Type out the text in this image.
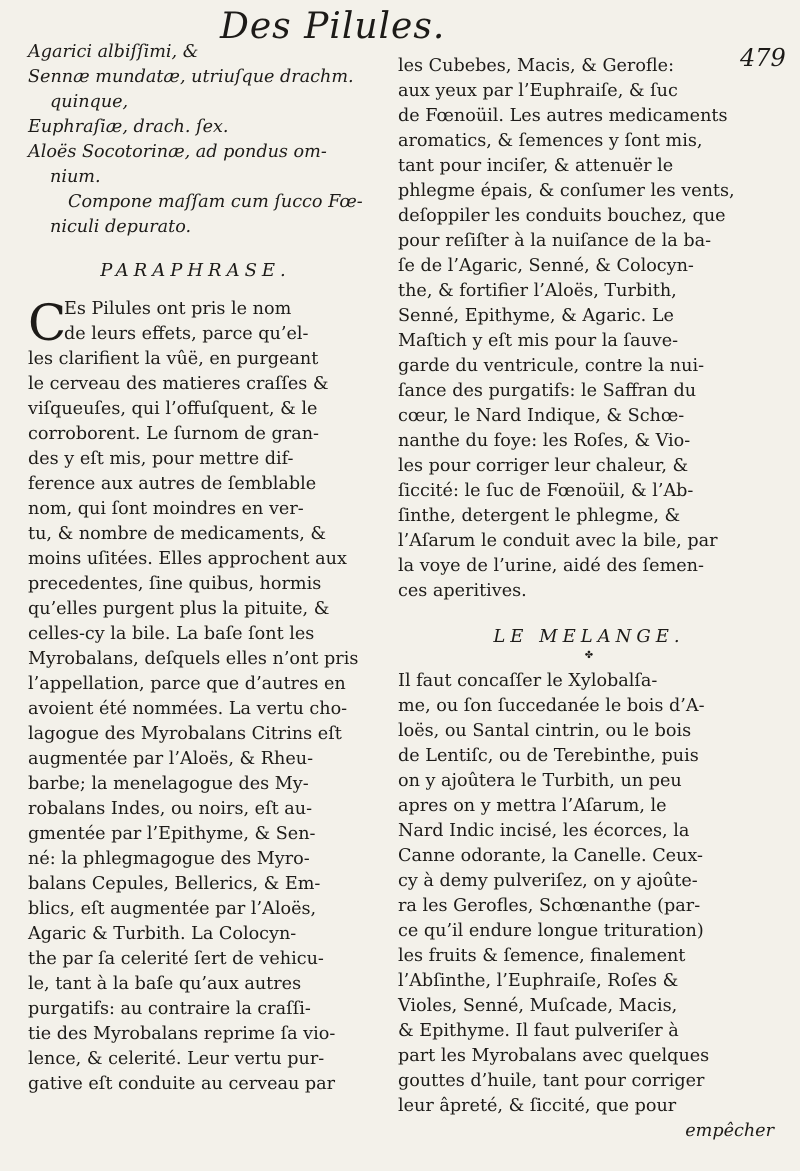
Des Pilules.
479
Agarici albiſſimi, &
Sennæ mundatæ, utriuſque drachm.
quinque,
Euphraſiæ, drach. ſex.
Aloës Socotorinæ, ad pondus om-
nium.
Compone maſſam cum ſucco Fœ-
niculi depurato.
PARAPHRASE.
C
Es Pilules ont pris le nom
de leurs effets, parce qu’el-
les clarifient la vûë, en purgeant
le cerveau des matieres craſſes &
viſqueuſes, qui l’offuſquent, & le
corroborent. Le ſurnom de gran-
des y eſt mis, pour mettre dif-
ference aux autres de ſemblable
nom, qui ſont moindres en ver-
tu, & nombre de medicaments, &
moins uſitées. Elles approchent aux
precedentes, ſine quibus, hormis
qu’elles purgent plus la pituite, &
celles-cy la bile. La baſe ſont les
Myrobalans, deſquels elles n’ont pris
l’appellation, parce que d’autres en
avoient été nommées. La vertu cho-
lagogue des Myrobalans Citrins eſt
augmentée par l’Aloës, & Rheu-
barbe; la menelagogue des My-
robalans Indes, ou noirs, eſt au-
gmentée par l’Epithyme, & Sen-
né: la phlegmagogue des Myro-
balans Cepules, Bellerics, & Em-
blics, eſt augmentée par l’Aloës,
Agaric & Turbith. La Colocyn-
the par ſa celerité ſert de vehicu-
le, tant à la baſe qu’aux autres
purgatifs: au contraire la craſſi-
tie des Myrobalans reprime ſa vio-
lence, & celerité. Leur vertu pur-
gative eſt conduite au cerveau par
les Cubebes, Macis, & Gerofle:
aux yeux par l’Euphraiſe, & ſuc
de Fœnoüil. Les autres medicaments
aromatics, & ſemences y ſont mis,
tant pour inciſer, & attenuër le
phlegme épais, & conſumer les vents,
deſoppiler les conduits bouchez, que
pour reſiſter à la nuiſance de la ba-
ſe de l’Agaric, Senné, & Colocyn-
the, & fortifier l’Aloës, Turbith,
Senné, Epithyme, & Agaric. Le
Maſtich y eſt mis pour la ſauve-
garde du ventricule, contre la nui-
ſance des purgatifs: le Saffran du
cœur, le Nard Indique, & Schœ-
nanthe du foye: les Roſes, & Vio-
les pour corriger leur chaleur, &
ſiccité: le ſuc de Fœnoüil, & l’Ab-
ſinthe, detergent le phlegme, &
l’Aſarum le conduit avec la bile, par
la voye de l’urine, aidé des ſemen-
ces aperitives.
LE MELANGE.
✤
Il faut concaſſer le Xylobalſa-
me, ou ſon ſuccedanée le bois d’A-
loës, ou Santal cintrin, ou le bois
de Lentiſc, ou de Terebinthe, puis
on y ajoûtera le Turbith, un peu
apres on y mettra l’Aſarum, le
Nard Indic incisé, les écorces, la
Canne odorante, la Canelle. Ceux-
cy à demy pulveriſez, on y ajoûte-
ra les Gerofles, Schœnanthe (par-
ce qu’il endure longue trituration)
les fruits & ſemence, finalement
l’Abſinthe, l’Euphraiſe, Roſes &
Violes, Senné, Muſcade, Macis,
& Epithyme. Il faut pulveriſer à
part les Myrobalans avec quelques
gouttes d’huile, tant pour corriger
leur âpreté, & ſiccité, que pour
empêcher
